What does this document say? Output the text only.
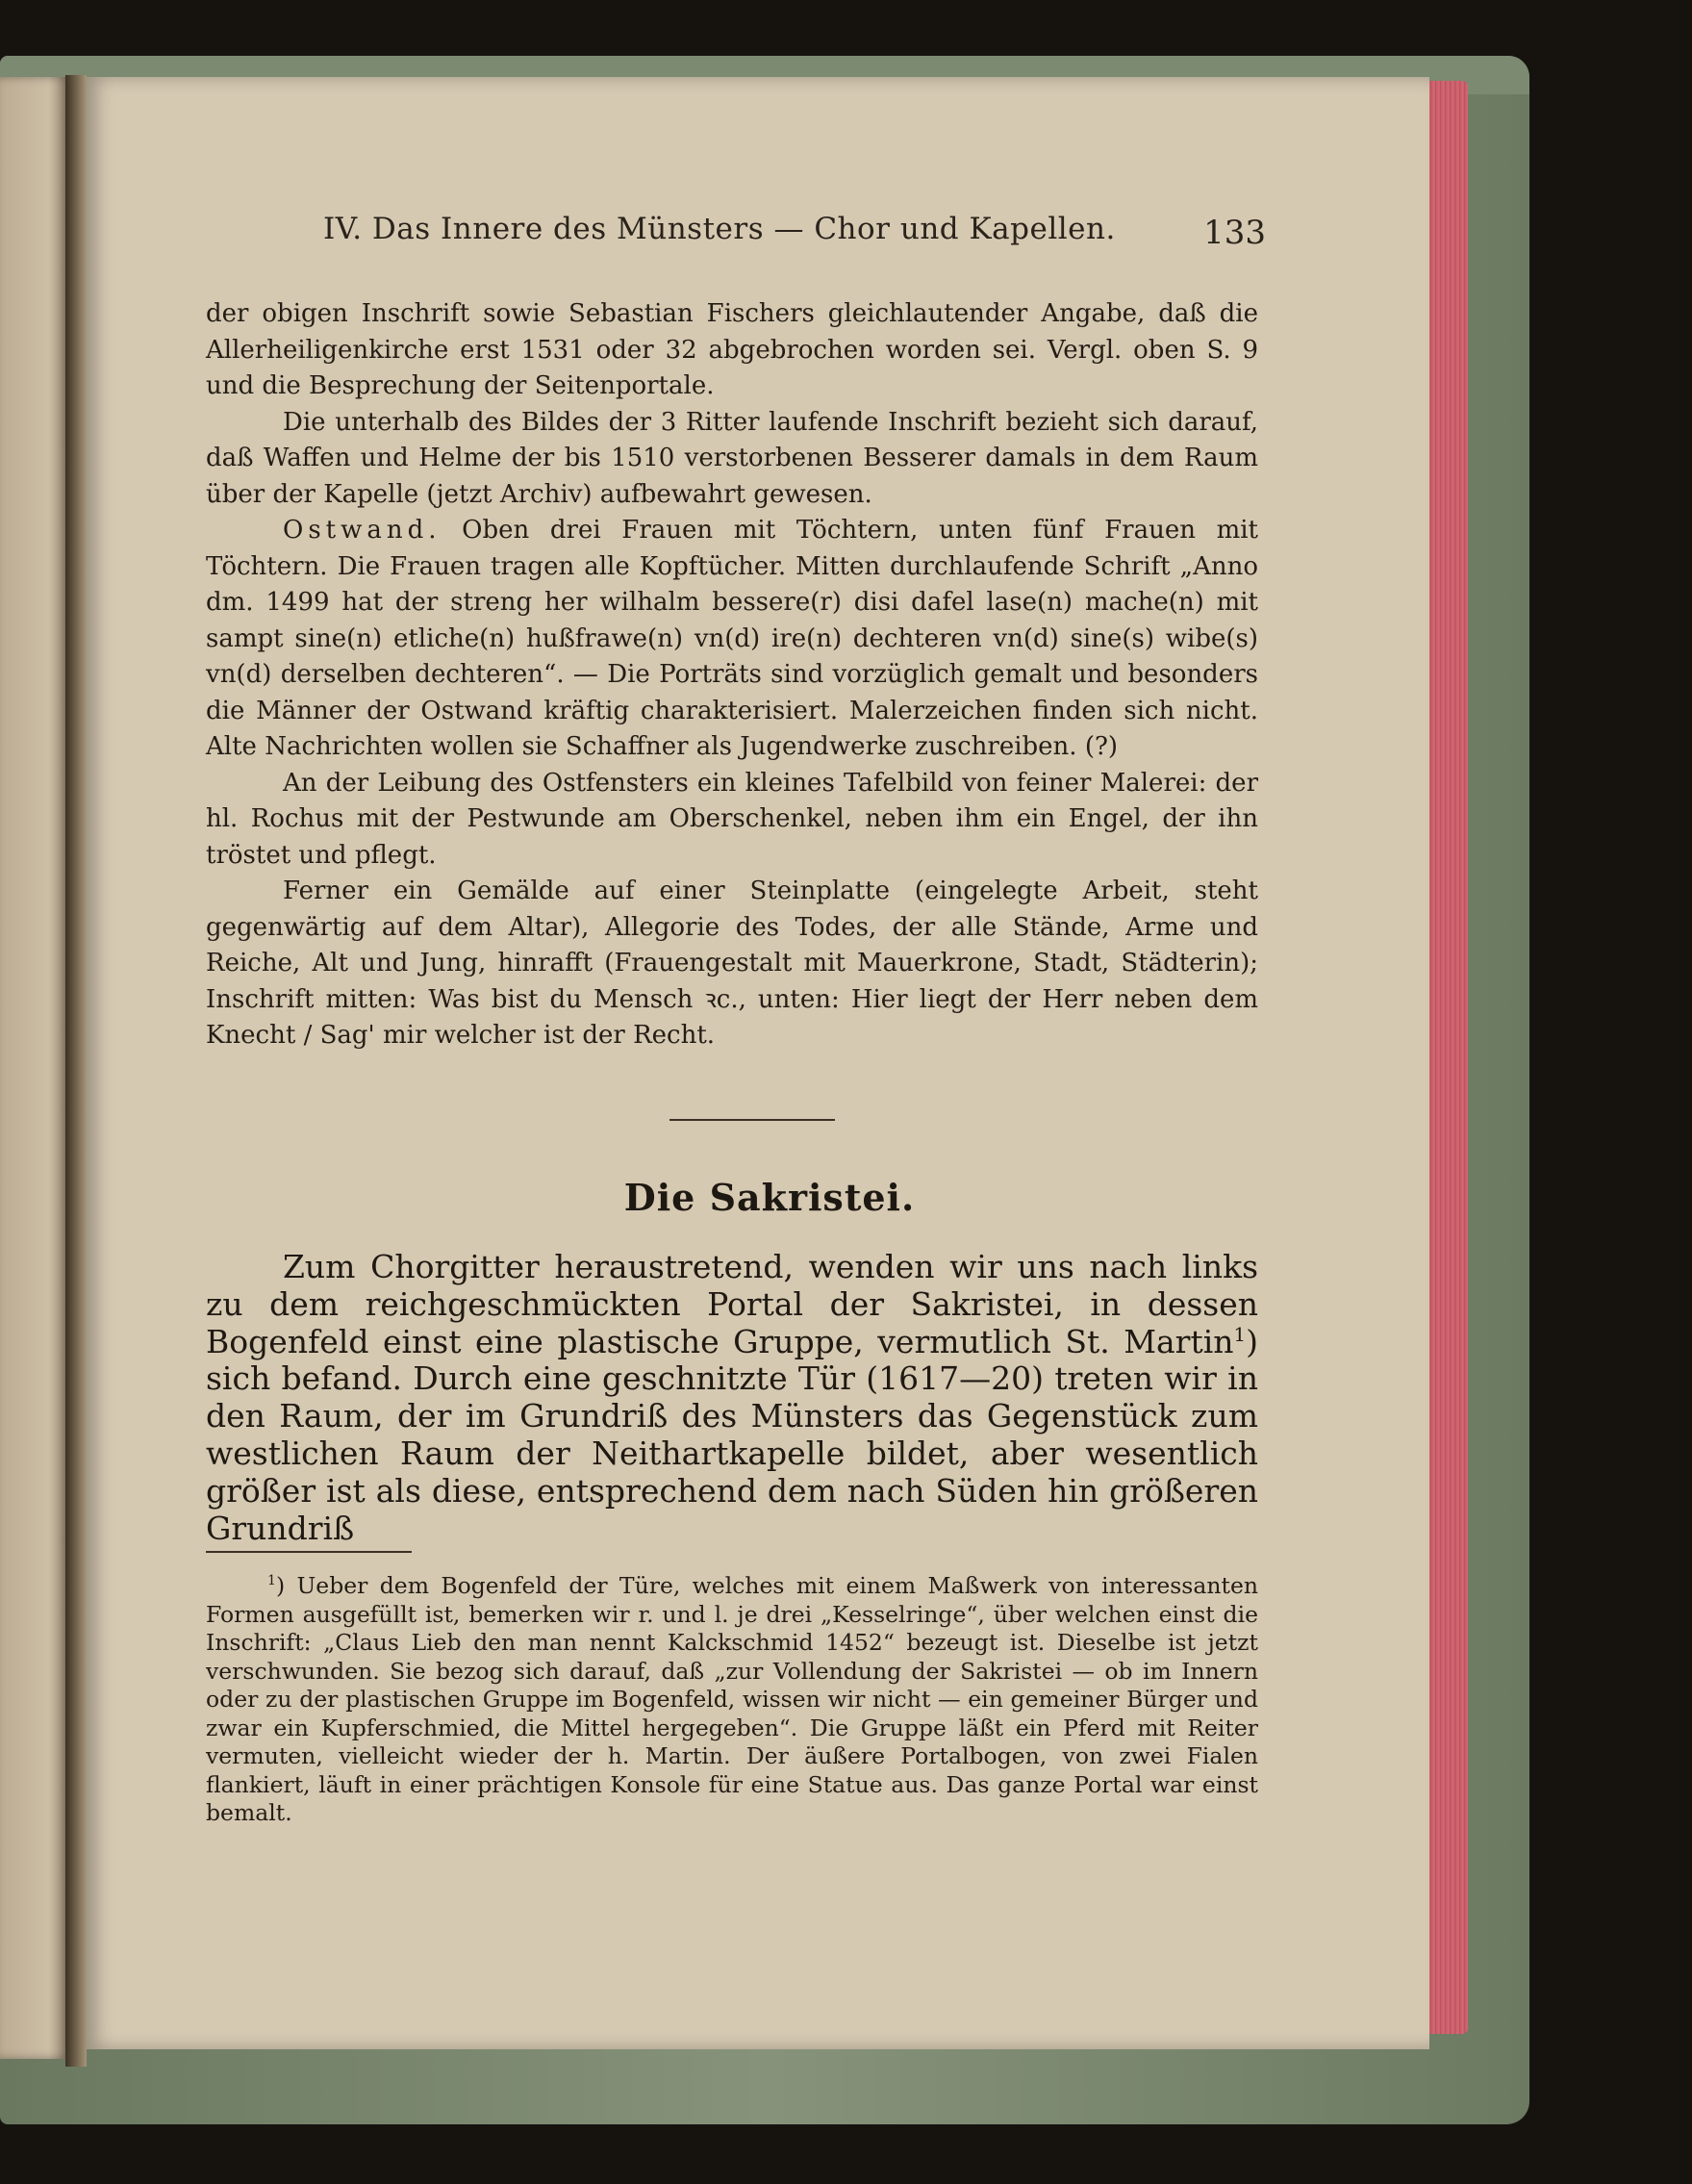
IV. Das Innere des Münsters — Chor und Kapellen.	133

der obigen Inschrift sowie Sebastian Fischers gleichlautender Angabe, daß die Allerheiligenkirche erst 1531 oder 32 abgebrochen worden sei. Vergl. oben S. 9 und die Besprechung der Seitenportale.

Die unterhalb des Bildes der 3 Ritter laufende Inschrift bezieht sich darauf, daß Waffen und Helme der bis 1510 verstorbenen Besserer damals in dem Raum über der Kapelle (jetzt Archiv) aufbewahrt gewesen.

Ostwand. Oben drei Frauen mit Töchtern, unten fünf Frauen mit Töchtern. Die Frauen tragen alle Kopftücher. Mitten durchlaufende Schrift „Anno dm. 1499 hat der streng her wilhalm bessere(r) disi dafel lase(n) mache(n) mit sampt sine(n) etliche(n) hußfrawe(n) vn(d) ire(n) dechteren vn(d) sine(s) wibe(s) vn(d) derselben dechteren“. — Die Porträts sind vorzüglich gemalt und besonders die Männer der Ostwand kräftig charakterisiert. Malerzeichen finden sich nicht. Alte Nachrichten wollen sie Schaffner als Jugendwerke zuschreiben. (?)

An der Leibung des Ostfensters ein kleines Tafelbild von feiner Malerei: der hl. Rochus mit der Pestwunde am Oberschenkel, neben ihm ein Engel, der ihn tröstet und pflegt.

Ferner ein Gemälde auf einer Steinplatte (eingelegte Arbeit, steht gegenwärtig auf dem Altar), Allegorie des Todes, der alle Stände, Arme und Reiche, Alt und Jung, hinrafft (Frauengestalt mit Mauerkrone, Stadt, Städterin); Inschrift mitten: Was bist du Mensch ꝛc., unten: Hier liegt der Herr neben dem Knecht / Sag' mir welcher ist der Recht.

Die Sakristei.

Zum Chorgitter heraustretend, wenden wir uns nach links zu dem reichgeschmückten Portal der Sakristei, in dessen Bogenfeld einst eine plastische Gruppe, vermutlich St. Martin$^1$) sich befand. Durch eine geschnitzte Tür (1617—20) treten wir in den Raum, der im Grundriß des Münsters das Gegenstück zum westlichen Raum der Neithartkapelle bildet, aber wesentlich größer ist als diese, entsprechend dem nach Süden hin größeren Grundriß

$^1$) Ueber dem Bogenfeld der Türe, welches mit einem Maßwerk von interessanten Formen ausgefüllt ist, bemerken wir r. und l. je drei „Kesselringe“, über welchen einst die Inschrift: „Claus Lieb den man nennt Kalckschmid 1452“ bezeugt ist. Dieselbe ist jetzt verschwunden. Sie bezog sich darauf, daß „zur Vollendung der Sakristei — ob im Innern oder zu der plastischen Gruppe im Bogenfeld, wissen wir nicht — ein gemeiner Bürger und zwar ein Kupferschmied, die Mittel hergegeben“. Die Gruppe läßt ein Pferd mit Reiter vermuten, vielleicht wieder der h. Martin. Der äußere Portalbogen, von zwei Fialen flankiert, läuft in einer prächtigen Konsole für eine Statue aus. Das ganze Portal war einst bemalt.
